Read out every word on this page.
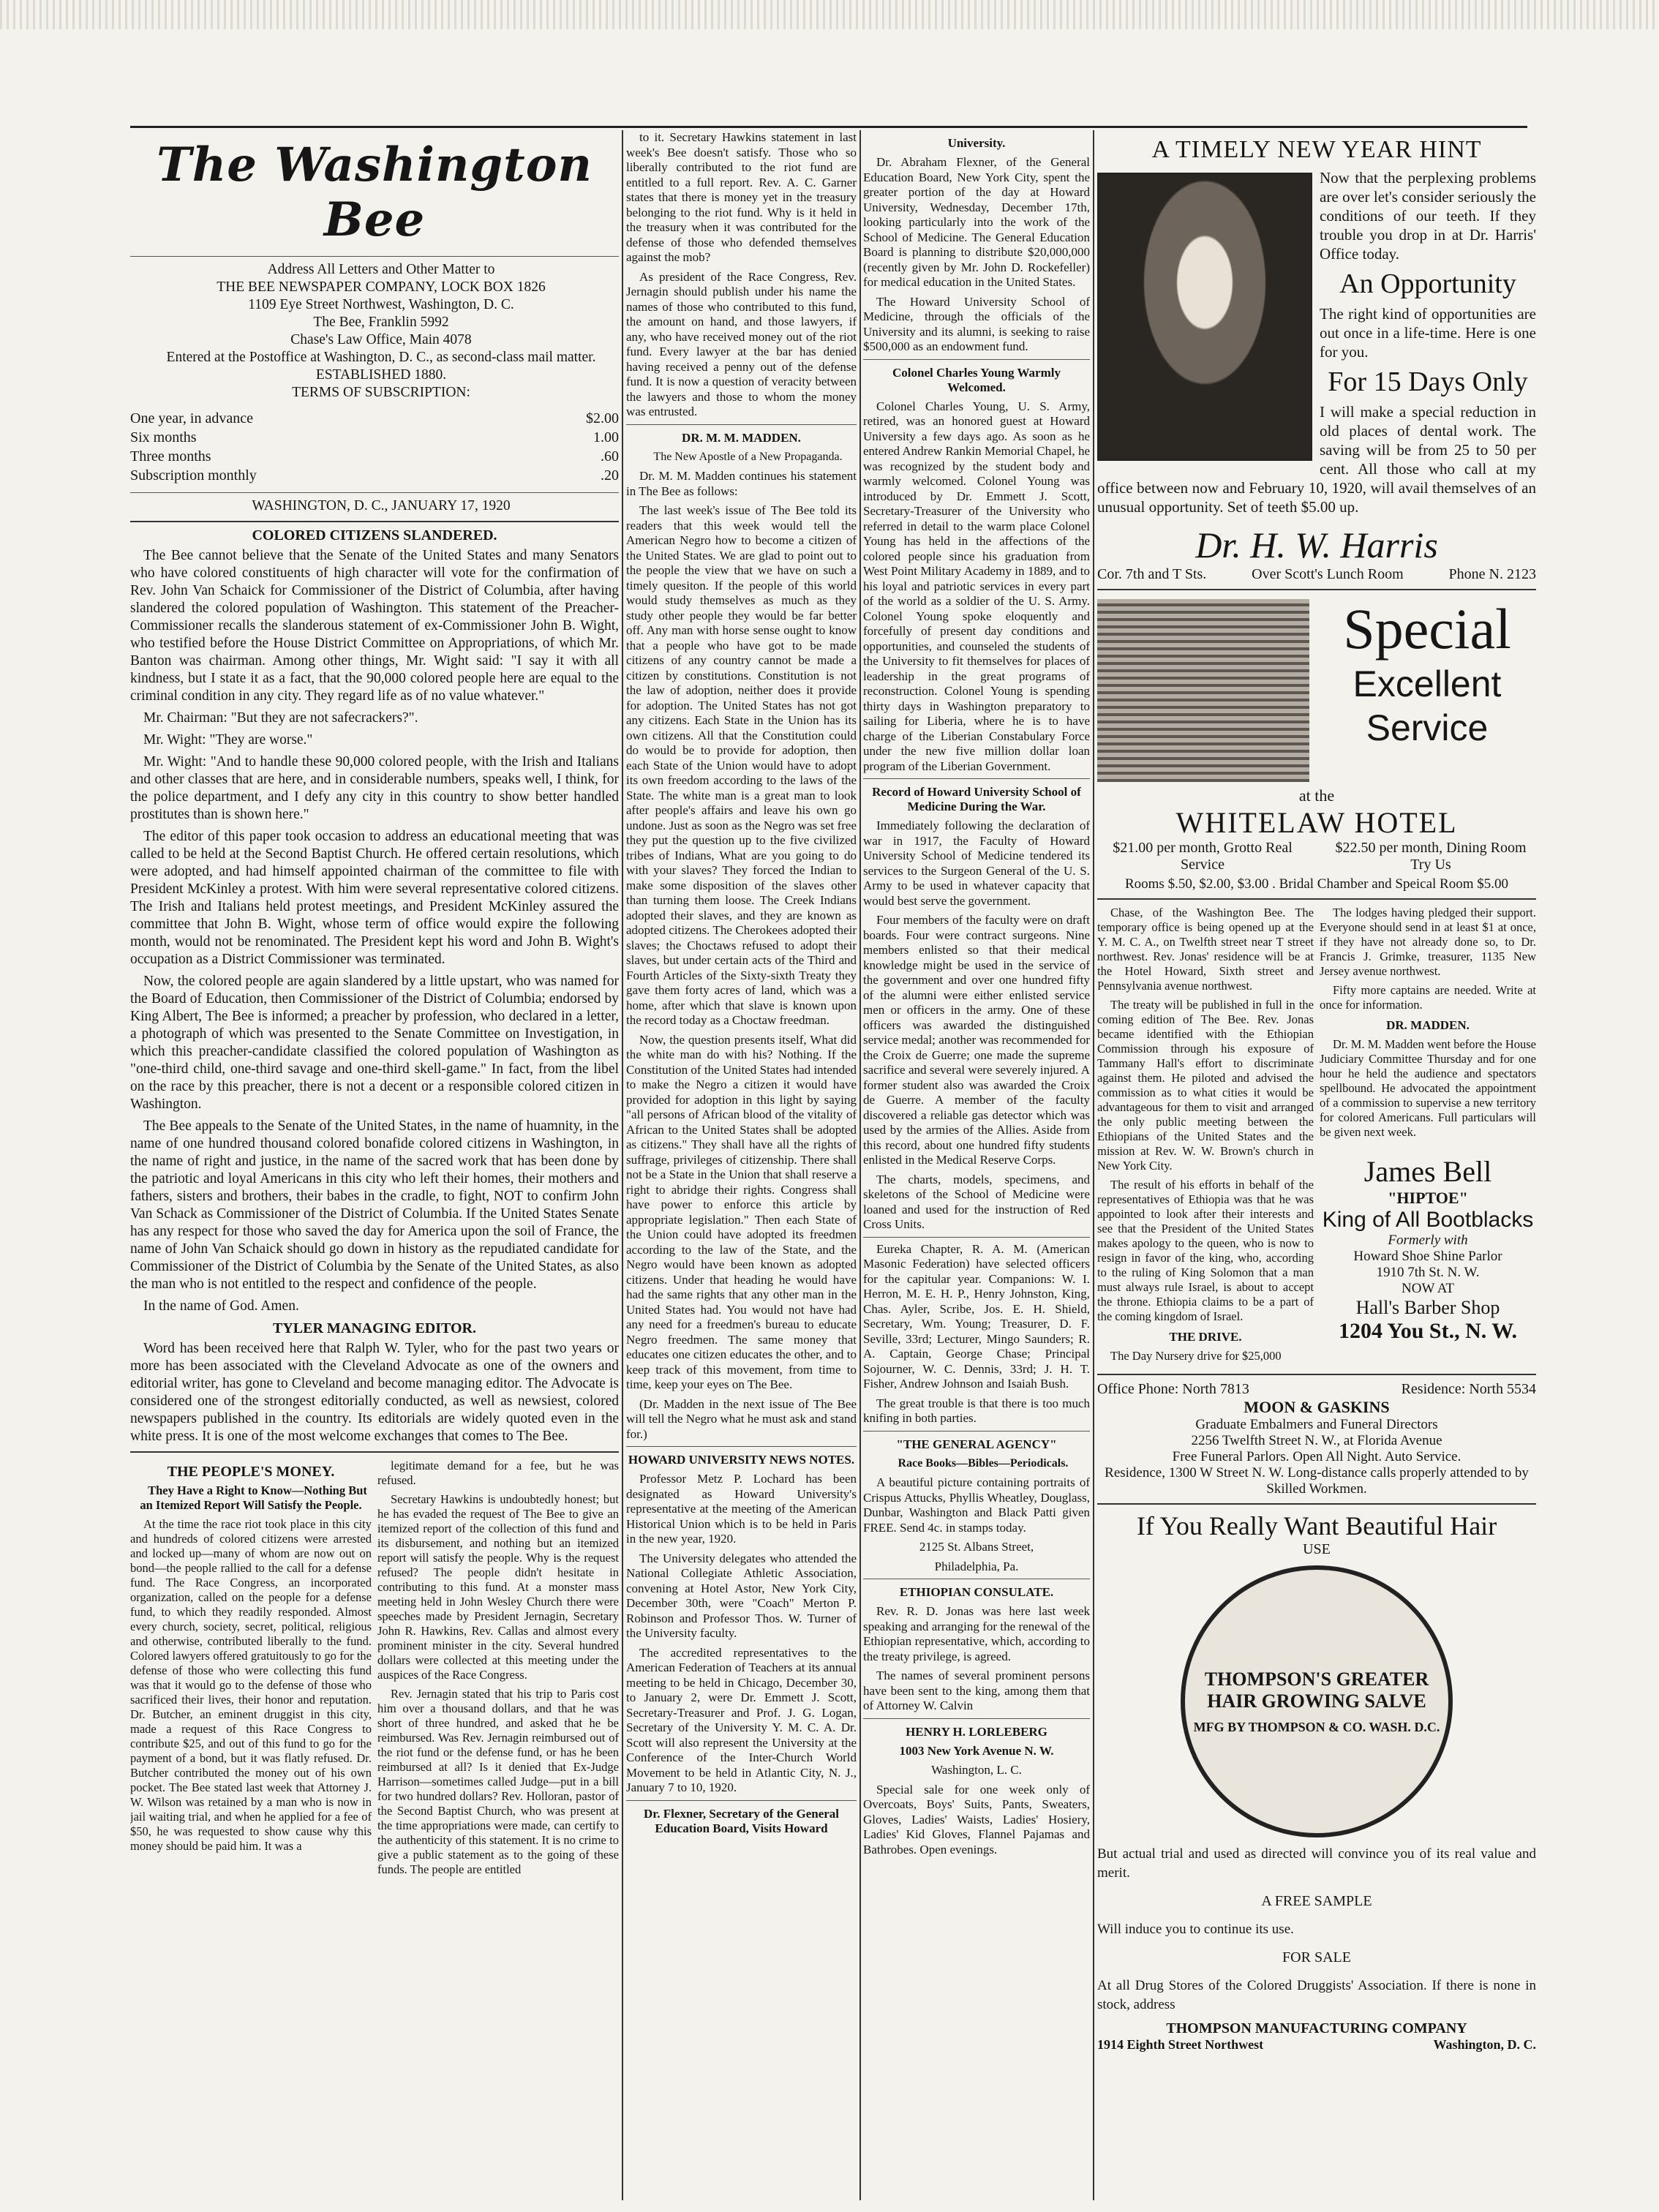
The Washington Bee

Address All Letters and Other Matter to

THE BEE NEWSPAPER COMPANY, LOCK BOX 1826

1109 Eye Street Northwest, Washington, D. C.

The Bee, Franklin 5992

Chase's Law Office, Main 4078

Entered at the Postoffice at Washington, D. C., as second-class mail matter.

ESTABLISHED 1880.

TERMS OF SUBSCRIPTION:

One year, in advance	$2.00
Six months	1.00
Three months	.60
Subscription monthly	.20

WASHINGTON, D. C., JANUARY 17, 1920

COLORED CITIZENS SLANDERED.

The Bee cannot believe that the Senate of the United States and many Senators who have colored constituents of high character will vote for the confirmation of Rev. John Van Schaick for Commissioner of the District of Columbia, after having slandered the colored population of Washington. This statement of the Preacher-Commissioner recalls the slanderous statement of ex-Commissioner John B. Wight, who testified before the House District Committee on Appropriations, of which Mr. Banton was chairman. Among other things, Mr. Wight said: "I say it with all kindness, but I state it as a fact, that the 90,000 colored people here are equal to the criminal condition in any city. They regard life as of no value whatever."

Mr. Chairman: "But they are not safecrackers?".

Mr. Wight: "They are worse."

Mr. Wight: "And to handle these 90,000 colored people, with the Irish and Italians and other classes that are here, and in considerable numbers, speaks well, I think, for the police department, and I defy any city in this country to show better handled prostitutes than is shown here."

The editor of this paper took occasion to address an educational meeting that was called to be held at the Second Baptist Church. He offered certain resolutions, which were adopted, and had himself appointed chairman of the committee to file with President McKinley a protest. With him were several representative colored citizens. The Irish and Italians held protest meetings, and President McKinley assured the committee that John B. Wight, whose term of office would expire the following month, would not be renominated. The President kept his word and John B. Wight's occupation as a District Commissioner was terminated.

Now, the colored people are again slandered by a little upstart, who was named for the Board of Education, then Commissioner of the District of Columbia; endorsed by King Albert, The Bee is informed; a preacher by profession, who declared in a letter, a photograph of which was presented to the Senate Committee on Investigation, in which this preacher-candidate classified the colored population of Washington as "one-third child, one-third savage and one-third skell-game." In fact, from the libel on the race by this preacher, there is not a decent or a responsible colored citizen in Washington.

The Bee appeals to the Senate of the United States, in the name of huamnity, in the name of one hundred thousand colored bonafide colored citizens in Washington, in the name of right and justice, in the name of the sacred work that has been done by the patriotic and loyal Americans in this city who left their homes, their mothers and fathers, sisters and brothers, their babes in the cradle, to fight, NOT to confirm John Van Schack as Commissioner of the District of Columbia. If the United States Senate has any respect for those who saved the day for America upon the soil of France, the name of John Van Schaick should go down in history as the repudiated candidate for Commissioner of the District of Columbia by the Senate of the United States, as also the man who is not entitled to the respect and confidence of the people.

In the name of God. Amen.

TYLER MANAGING EDITOR.

Word has been received here that Ralph W. Tyler, who for the past two years or more has been associated with the Cleveland Advocate as one of the owners and editorial writer, has gone to Cleveland and become managing editor. The Advocate is considered one of the strongest editorially conducted, as well as newsiest, colored newspapers published in the country. Its editorials are widely quoted even in the white press. It is one of the most welcome exchanges that comes to The Bee.

THE PEOPLE'S MONEY.

They Have a Right to Know—Nothing But an Itemized Report Will Satisfy the People.

At the time the race riot took place in this city and hundreds of colored citizens were arrested and locked up—many of whom are now out on bond—the people rallied to the call for a defense fund. The Race Congress, an incorporated organization, called on the people for a defense fund, to which they readily responded. Almost every church, society, secret, political, religious and otherwise, contributed liberally to the fund. Colored lawyers offered gratuitously to go for the defense of those who were collecting this fund was that it would go to the defense of those who sacrificed their lives, their honor and reputation. Dr. Butcher, an eminent druggist in this city, made a request of this Race Congress to contribute $25, and out of this fund to go for the payment of a bond, but it was flatly refused. Dr. Butcher contributed the money out of his own pocket. The Bee stated last week that Attorney J. W. Wilson was retained by a man who is now in jail waiting trial, and when he applied for a fee of $50, he was requested to show cause why this money should be paid him. It was a

legitimate demand for a fee, but he was refused.

Secretary Hawkins is undoubtedly honest; but he has evaded the request of The Bee to give an itemized report of the collection of this fund and its disbursement, and nothing but an itemized report will satisfy the people. Why is the request refused? The people didn't hesitate in contributing to this fund. At a monster mass meeting held in John Wesley Church there were speeches made by President Jernagin, Secretary John R. Hawkins, Rev. Callas and almost every prominent minister in the city. Several hundred dollars were collected at this meeting under the auspices of the Race Congress.

Rev. Jernagin stated that his trip to Paris cost him over a thousand dollars, and that he was short of three hundred, and asked that he be reimbursed. Was Rev. Jernagin reimbursed out of the riot fund or the defense fund, or has he been reimbursed at all? Is it denied that Ex-Judge Harrison—sometimes called Judge—put in a bill for two hundred dollars? Rev. Holloran, pastor of the Second Baptist Church, who was present at the time appropriations were made, can certify to the authenticity of this statement. It is no crime to give a public statement as to the going of these funds. The people are entitled

to it. Secretary Hawkins statement in last week's Bee doesn't satisfy. Those who so liberally contributed to the riot fund are entitled to a full report. Rev. A. C. Garner states that there is money yet in the treasury belonging to the riot fund. Why is it held in the treasury when it was contributed for the defense of those who defended themselves against the mob?

As president of the Race Congress, Rev. Jernagin should publish under his name the names of those who contributed to this fund, the amount on hand, and those lawyers, if any, who have received money out of the riot fund. Every lawyer at the bar has denied having received a penny out of the defense fund. It is now a question of veracity between the lawyers and those to whom the money was entrusted.

DR. M. M. MADDEN.

The New Apostle of a New Propaganda.

Dr. M. M. Madden continues his statement in The Bee as follows:

The last week's issue of The Bee told its readers that this week would tell the American Negro how to become a citizen of the United States. We are glad to point out to the people the view that we have on such a timely quesiton. If the people of this world would study themselves as much as they study other people they would be far better off. Any man with horse sense ought to know that a people who have got to be made citizens of any country cannot be made a citizen by constitutions. Constitution is not the law of adoption, neither does it provide for adoption. The United States has not got any citizens. Each State in the Union has its own citizens. All that the Constitution could do would be to provide for adoption, then each State of the Union would have to adopt its own freedom according to the laws of the State. The white man is a great man to look after people's affairs and leave his own go undone. Just as soon as the Negro was set free they put the question up to the five civilized tribes of Indians, What are you going to do with your slaves? They forced the Indian to make some disposition of the slaves other than turning them loose. The Creek Indians adopted their slaves, and they are known as adopted citizens. The Cherokees adopted their slaves; the Choctaws refused to adopt their slaves, but under certain acts of the Third and Fourth Articles of the Sixty-sixth Treaty they gave them forty acres of land, which was a home, after which that slave is known upon the record today as a Choctaw freedman.

Now, the question presents itself, What did the white man do with his? Nothing. If the Constitution of the United States had intended to make the Negro a citizen it would have provided for adoption in this light by saying "all persons of African blood of the vitality of African to the United States shall be adopted as citizens." They shall have all the rights of suffrage, privileges of citizenship. There shall not be a State in the Union that shall reserve a right to abridge their rights. Congress shall have power to enforce this article by appropriate legislation." Then each State of the Union could have adopted its freedmen according to the law of the State, and the Negro would have been known as adopted citizens. Under that heading he would have had the same rights that any other man in the United States had. You would not have had any need for a freedmen's bureau to educate Negro freedmen. The same money that educates one citizen educates the other, and to keep track of this movement, from time to time, keep your eyes on The Bee.

(Dr. Madden in the next issue of The Bee will tell the Negro what he must ask and stand for.)

HOWARD UNIVERSITY NEWS NOTES.

Professor Metz P. Lochard has been designated as Howard University's representative at the meeting of the American Historical Union which is to be held in Paris in the new year, 1920.

The University delegates who attended the National Collegiate Athletic Association, convening at Hotel Astor, New York City, December 30th, were "Coach" Merton P. Robinson and Professor Thos. W. Turner of the University faculty.

The accredited representatives to the American Federation of Teachers at its annual meeting to be held in Chicago, December 30, to January 2, were Dr. Emmett J. Scott, Secretary-Treasurer and Prof. J. G. Logan, Secretary of the University Y. M. C. A. Dr. Scott will also represent the University at the Conference of the Inter-Church World Movement to be held in Atlantic City, N. J., January 7 to 10, 1920.

Dr. Flexner, Secretary of the General Education Board, Visits Howard
University.

Dr. Abraham Flexner, of the General Education Board, New York City, spent the greater portion of the day at Howard University, Wednesday, December 17th, looking particularly into the work of the School of Medicine. The General Education Board is planning to distribute $20,000,000 (recently given by Mr. John D. Rockefeller) for medical education in the United States.

The Howard University School of Medicine, through the officials of the University and its alumni, is seeking to raise $500,000 as an endowment fund.

Colonel Charles Young Warmly Welcomed.

Colonel Charles Young, U. S. Army, retired, was an honored guest at Howard University a few days ago. As soon as he entered Andrew Rankin Memorial Chapel, he was recognized by the student body and warmly welcomed. Colonel Young was introduced by Dr. Emmett J. Scott, Secretary-Treasurer of the University who referred in detail to the warm place Colonel Young has held in the affections of the colored people since his graduation from West Point Military Academy in 1889, and to his loyal and patriotic services in every part of the world as a soldier of the U. S. Army. Colonel Young spoke eloquently and forcefully of present day conditions and opportunities, and counseled the students of the University to fit themselves for places of leadership in the great programs of reconstruction. Colonel Young is spending thirty days in Washington preparatory to sailing for Liberia, where he is to have charge of the Liberian Constabulary Force under the new five million dollar loan program of the Liberian Government.

Record of Howard University School of Medicine During the War.

Immediately following the declaration of war in 1917, the Faculty of Howard University School of Medicine tendered its services to the Surgeon General of the U. S. Army to be used in whatever capacity that would best serve the government.

Four members of the faculty were on draft boards. Four were contract surgeons. Nine members enlisted so that their medical knowledge might be used in the service of the government and over one hundred fifty of the alumni were either enlisted service men or officers in the army. One of these officers was awarded the distinguished service medal; another was recommended for the Croix de Guerre; one made the supreme sacrifice and several were severely injured. A former student also was awarded the Croix de Guerre. A member of the faculty discovered a reliable gas detector which was used by the armies of the Allies. Aside from this record, about one hundred fifty students enlisted in the Medical Reserve Corps.

The charts, models, specimens, and skeletons of the School of Medicine were loaned and used for the instruction of Red Cross Units.

Eureka Chapter, R. A. M. (American Masonic Federation) have selected officers for the capitular year. Companions: W. I. Herron, M. E. H. P., Henry Johnston, King, Chas. Ayler, Scribe, Jos. E. H. Shield, Secretary, Wm. Young; Treasurer, D. F. Seville, 33rd; Lecturer, Mingo Saunders; R. A. Captain, George Chase; Principal Sojourner, W. C. Dennis, 33rd; J. H. T. Fisher, Andrew Johnson and Isaiah Bush.

The great trouble is that there is too much knifing in both parties.

"THE GENERAL AGENCY"

Race Books—Bibles—Periodicals.

A beautiful picture containing portraits of Crispus Attucks, Phyllis Wheatley, Douglass, Dunbar, Washington and Black Patti given FREE. Send 4c. in stamps today.

2125 St. Albans Street,

Philadelphia, Pa.

ETHIOPIAN CONSULATE.

Rev. R. D. Jonas was here last week speaking and arranging for the renewal of the Ethiopian representative, which, according to the treaty privilege, is agreed.

The names of several prominent persons have been sent to the king, among them that of Attorney W. Calvin

HENRY H. LORLEBERG

1003 New York Avenue N. W.

Washington, L. C.

Special sale for one week only of Overcoats, Boys' Suits, Pants, Sweaters, Gloves, Ladies' Waists, Ladies' Hosiery, Ladies' Kid Gloves, Flannel Pajamas and Bathrobes. Open evenings.

A TIMELY NEW YEAR HINT

Now that the perplexing problems are over let's consider seriously the conditions of our teeth. If they trouble you drop in at Dr. Harris' Office today.

An Opportunity

The right kind of opportunities are out once in a life-time. Here is one for you.

For 15 Days Only

I will make a special reduction in old places of dental work. The saving will be from 25 to 50 per cent. All those who call at my office between now and February 10, 1920, will avail themselves of an unusual opportunity. Set of teeth $5.00 up.

Dr. H. W. Harris
Cor. 7th and T Sts.	Over Scott's Lunch Room	Phone N. 2123
Special
Excellent Service
at the
WHITELAW HOTEL
$21.00 per month, Grotto Real Service
$22.50 per month, Dining Room Try Us
Rooms $.50, $2.00, $3.00 . Bridal Chamber and Speical Room $5.00

Chase, of the Washington Bee. The temporary office is being opened up at the Y. M. C. A., on Twelfth street near T street northwest. Rev. Jonas' residence will be at the Hotel Howard, Sixth street and Pennsylvania avenue northwest.

The treaty will be published in full in the coming edition of The Bee. Rev. Jonas became identified with the Ethiopian Commission through his exposure of Tammany Hall's effort to discriminate against them. He piloted and advised the commission as to what cities it would be advantageous for them to visit and arranged the only public meeting between the Ethiopians of the United States and the mission at Rev. W. W. Brown's church in New York City.

The result of his efforts in behalf of the representatives of Ethiopia was that he was appointed to look after their interests and see that the President of the United States makes apology to the queen, who is now to resign in favor of the king, who, according to the ruling of King Solomon that a man must always rule Israel, is about to accept the throne. Ethiopia claims to be a part of the coming kingdom of Israel.

THE DRIVE.

The Day Nursery drive for $25,000

The lodges having pledged their support. Everyone should send in at least $1 at once, if they have not already done so, to Dr. Francis J. Grimke, treasurer, 1135 New Jersey avenue northwest.

Fifty more captains are needed. Write at once for information.

DR. MADDEN.

Dr. M. M. Madden went before the House Judiciary Committee Thursday and for one hour he held the audience and spectators spellbound. He advocated the appointment of a commission to supervise a new territory for colored Americans. Full particulars will be given next week.

James Bell
"HIPTOE"
King of All Bootblacks
Formerly with
Howard Shoe Shine Parlor
1910 7th St. N. W.
NOW AT
Hall's Barber Shop
1204 You St., N. W.
Office Phone: North 7813	Residence: North 5534
MOON & GASKINS
Graduate Embalmers and Funeral Directors
2256 Twelfth Street N. W., at Florida Avenue
Free Funeral Parlors. Open All Night. Auto Service.
Residence, 1300 W Street N. W. Long-distance calls properly attended to by Skilled Workmen.
If You Really Want Beautiful Hair
USE
THOMPSON'S GREATER HAIR GROWING SALVE
MFG BY THOMPSON & CO. WASH. D.C.

But actual trial and used as directed will convince you of its real value and merit.

A FREE SAMPLE

Will induce you to continue its use.

FOR SALE

At all Drug Stores of the Colored Druggists' Association. If there is none in stock, address

THOMPSON MANUFACTURING COMPANY
1914 Eighth Street Northwest	Washington, D. C.
